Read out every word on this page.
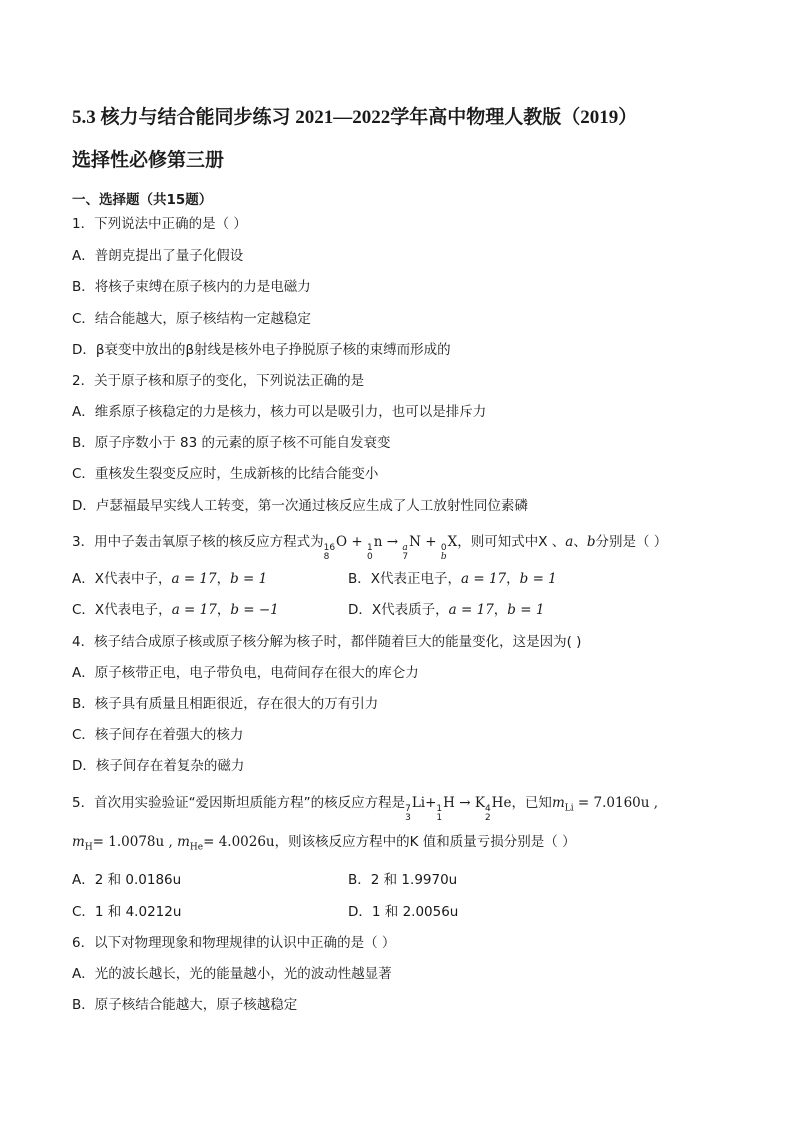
5.3 核力与结合能同步练习 2021—2022学年高中物理人教版（2019）
选择性必修第三册
一、选择题（共15题）
1．下列说法中正确的是（ ）
A．普朗克提出了量子化假设
B．将核子束缚在原子核内的力是电磁力
C．结合能越大，原子核结构一定越稳定
D．β衰变中放出的β射线是核外电子挣脱原子核的束缚而形成的
2．关于原子核和原子的变化，下列说法正确的是
A．维系原子核稳定的力是核力，核力可以是吸引力，也可以是排斥力
B．原子序数小于 83 的元素的原子核不可能自发衰变
C．重核发生裂变反应时，生成新核的比结合能变小
D．卢瑟福最早实线人工转变，第一次通过核反应生成了人工放射性同位素磷
3．用中子轰击氧原子核的核反应方程式为 16
8
O + 1
0
n → a
7
N + 0
b
X，则可知式中X 、a、b分别是（ ）
A．X代表中子，a = 17，b = 1	B．X代表正电子，a = 17，b = 1
C．X代表电子，a = 17，b = −1	D．X代表质子，a = 17，b = 1
4．核子结合成原子核或原子核分解为核子时，都伴随着巨大的能量变化，这是因为( )
A．原子核带正电，电子带负电，电荷间存在很大的库仑力
B．核子具有质量且相距很近，存在很大的万有引力
C．核子间存在着强大的核力
D．核子间存在着复杂的磁力
5．首次用实验验证“爱因斯坦质能方程”的核反应方程是 7
3
Li+ 1
1
H → K 4
2
He，已知$m_{Li} = 7.0160u$ ,
$m_H= 1.0078u$ , $m_{He}= 4.0026u$，则该核反应方程中的K 值和质量亏损分别是（ ）
A．2 和 0.0186u	B．2 和 1.9970u
C．1 和 4.0212u	D．1 和 2.0056u
6．以下对物理现象和物理规律的认识中正确的是（ ）
A．光的波长越长，光的能量越小，光的波动性越显著
B．原子核结合能越大，原子核越稳定
